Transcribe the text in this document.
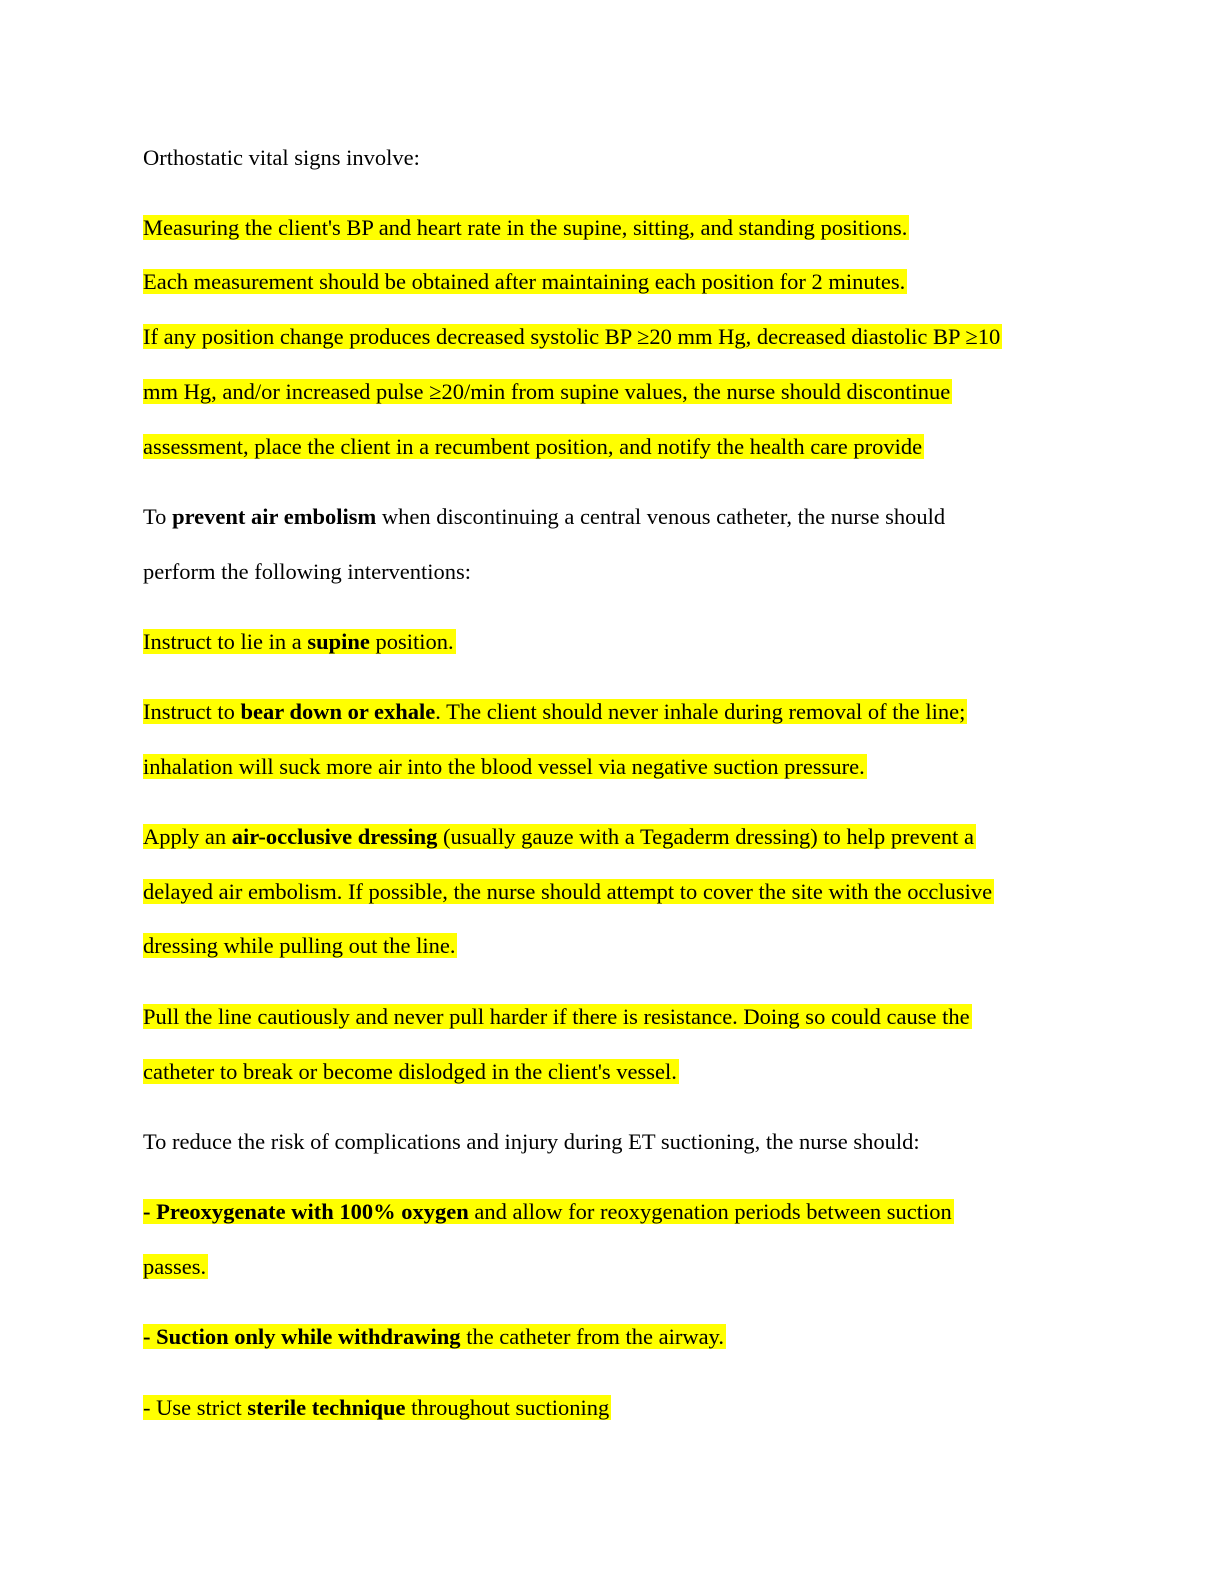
Orthostatic vital signs involve:
Measuring the client's BP and heart rate in the supine, sitting, and standing positions.
Each measurement should be obtained after maintaining each position for 2 minutes.
If any position change produces decreased systolic BP ≥20 mm Hg, decreased diastolic BP ≥10
mm Hg, and/or increased pulse ≥20/min from supine values, the nurse should discontinue
assessment, place the client in a recumbent position, and notify the health care provide
To prevent air embolism when discontinuing a central venous catheter, the nurse should
perform the following interventions:
Instruct to lie in a supine position.
Instruct to bear down or exhale. The client should never inhale during removal of the line;
inhalation will suck more air into the blood vessel via negative suction pressure.
Apply an air-occlusive dressing (usually gauze with a Tegaderm dressing) to help prevent a
delayed air embolism. If possible, the nurse should attempt to cover the site with the occlusive
dressing while pulling out the line.
Pull the line cautiously and never pull harder if there is resistance. Doing so could cause the
catheter to break or become dislodged in the client's vessel.
To reduce the risk of complications and injury during ET suctioning, the nurse should:
- Preoxygenate with 100% oxygen and allow for reoxygenation periods between suction
passes.
- Suction only while withdrawing the catheter from the airway.
- Use strict sterile technique throughout suctioning
